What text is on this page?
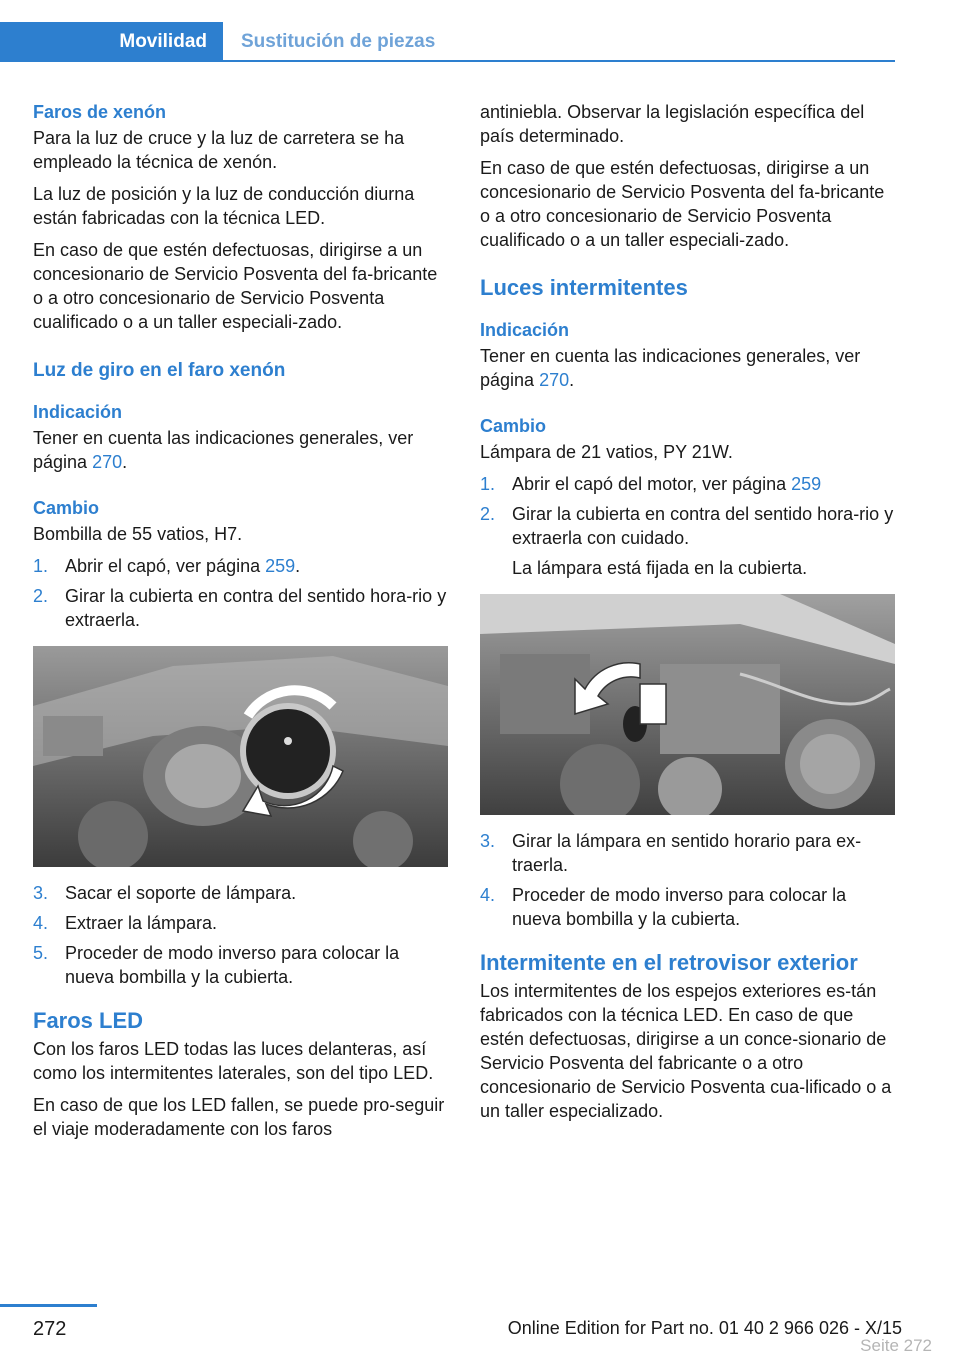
Movilidad	Sustitución de piezas
Faros de xenón

Para la luz de cruce y la luz de carretera se ha empleado la técnica de xenón.

La luz de posición y la luz de conducción diurna están fabricadas con la técnica LED.

En caso de que estén defectuosas, dirigirse a un concesionario de Servicio Posventa del fa-bricante o a otro concesionario de Servicio Posventa cualificado o a un taller especiali-zado.

Luz de giro en el faro xenón
Indicación

Tener en cuenta las indicaciones generales, ver página 270.

Cambio

Bombilla de 55 vatios, H7.

1. Abrir el capó, ver página 259.
2. Girar la cubierta en contra del sentido hora-rio y extraerla.
3. Sacar el soporte de lámpara.
4. Extraer la lámpara.
5. Proceder de modo inverso para colocar la nueva bombilla y la cubierta.
Faros LED

Con los faros LED todas las luces delanteras, así como los intermitentes laterales, son del tipo LED.

En caso de que los LED fallen, se puede pro-seguir el viaje moderadamente con los faros

antiniebla. Observar la legislación específica del país determinado.

En caso de que estén defectuosas, dirigirse a un concesionario de Servicio Posventa del fa-bricante o a otro concesionario de Servicio Posventa cualificado o a un taller especiali-zado.

Luces intermitentes
Indicación

Tener en cuenta las indicaciones generales, ver página 270.

Cambio

Lámpara de 21 vatios, PY 21W.

1. Abrir el capó del motor, ver página 259
2. Girar la cubierta en contra del sentido hora-rio y extraerla con cuidado.
La lámpara está fijada en la cubierta.
3. Girar la lámpara en sentido horario para ex-traerla.
4. Proceder de modo inverso para colocar la nueva bombilla y la cubierta.
Intermitente en el retrovisor exterior

Los intermitentes de los espejos exteriores es-tán fabricados con la técnica LED. En caso de que estén defectuosas, dirigirse a un conce-sionario de Servicio Posventa del fabricante o a otro concesionario de Servicio Posventa cua-lificado o a un taller especializado.

272	Online Edition for Part no. 01 40 2 966 026 - X/15
Seite 272
